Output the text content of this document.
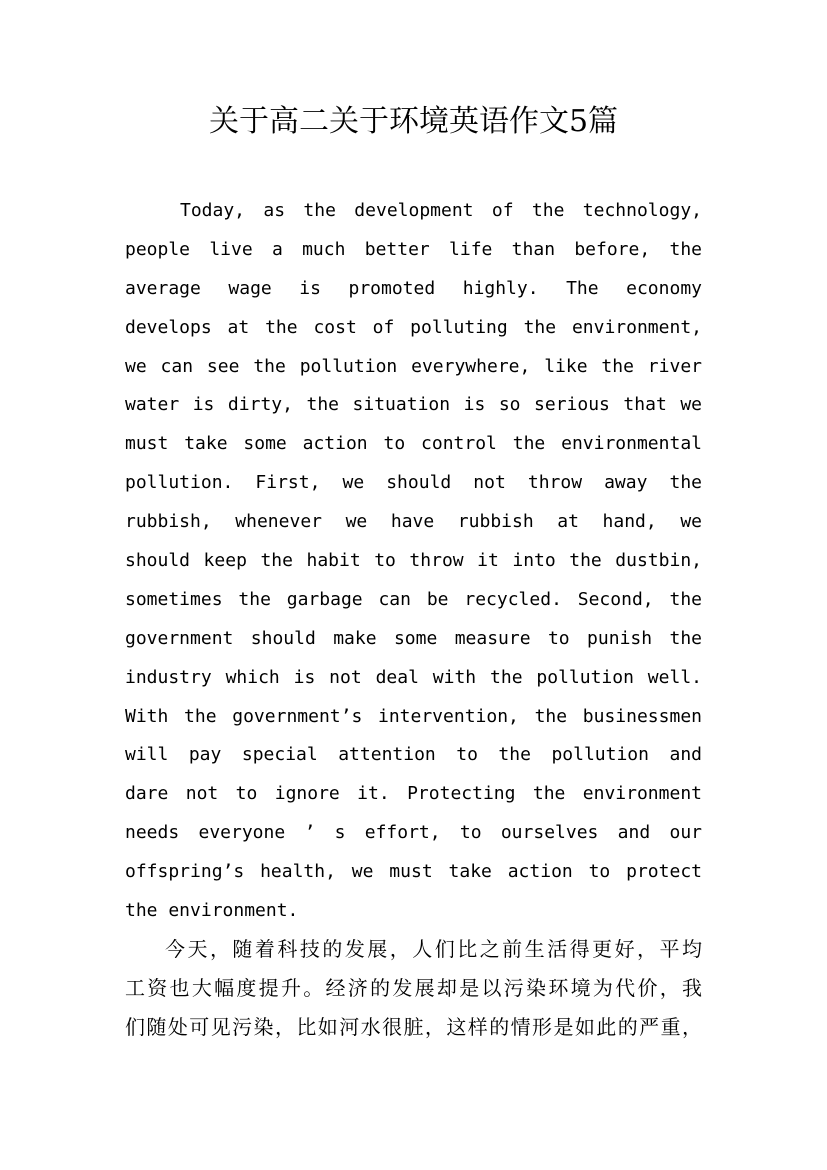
关于高二关于环境英语作文5篇
Today, as the development of the technology,
people live a much better life than before, the
average wage is promoted highly. The economy
develops at the cost of polluting the environment,
we can see the pollution everywhere, like the river
water is dirty, the situation is so serious that we
must take some action to control the environmental
pollution. First, we should not throw away the
rubbish, whenever we have rubbish at hand, we
should keep the habit to throw it into the dustbin,
sometimes the garbage can be recycled. Second, the
government should make some measure to punish the
industry which is not deal with the pollution well.
With the government’s intervention, the businessmen
will pay special attention to the pollution and
dare not to ignore it. Protecting the environment
needs everyone ’ s effort, to ourselves and our
offspring’s health, we must take action to protect
the environment.
今天，随着科技的发展，人们比之前生活得更好，平均
工资也大幅度提升。经济的发展却是以污染环境为代价，我
们随处可见污染，比如河水很脏，这样的情形是如此的严重，
